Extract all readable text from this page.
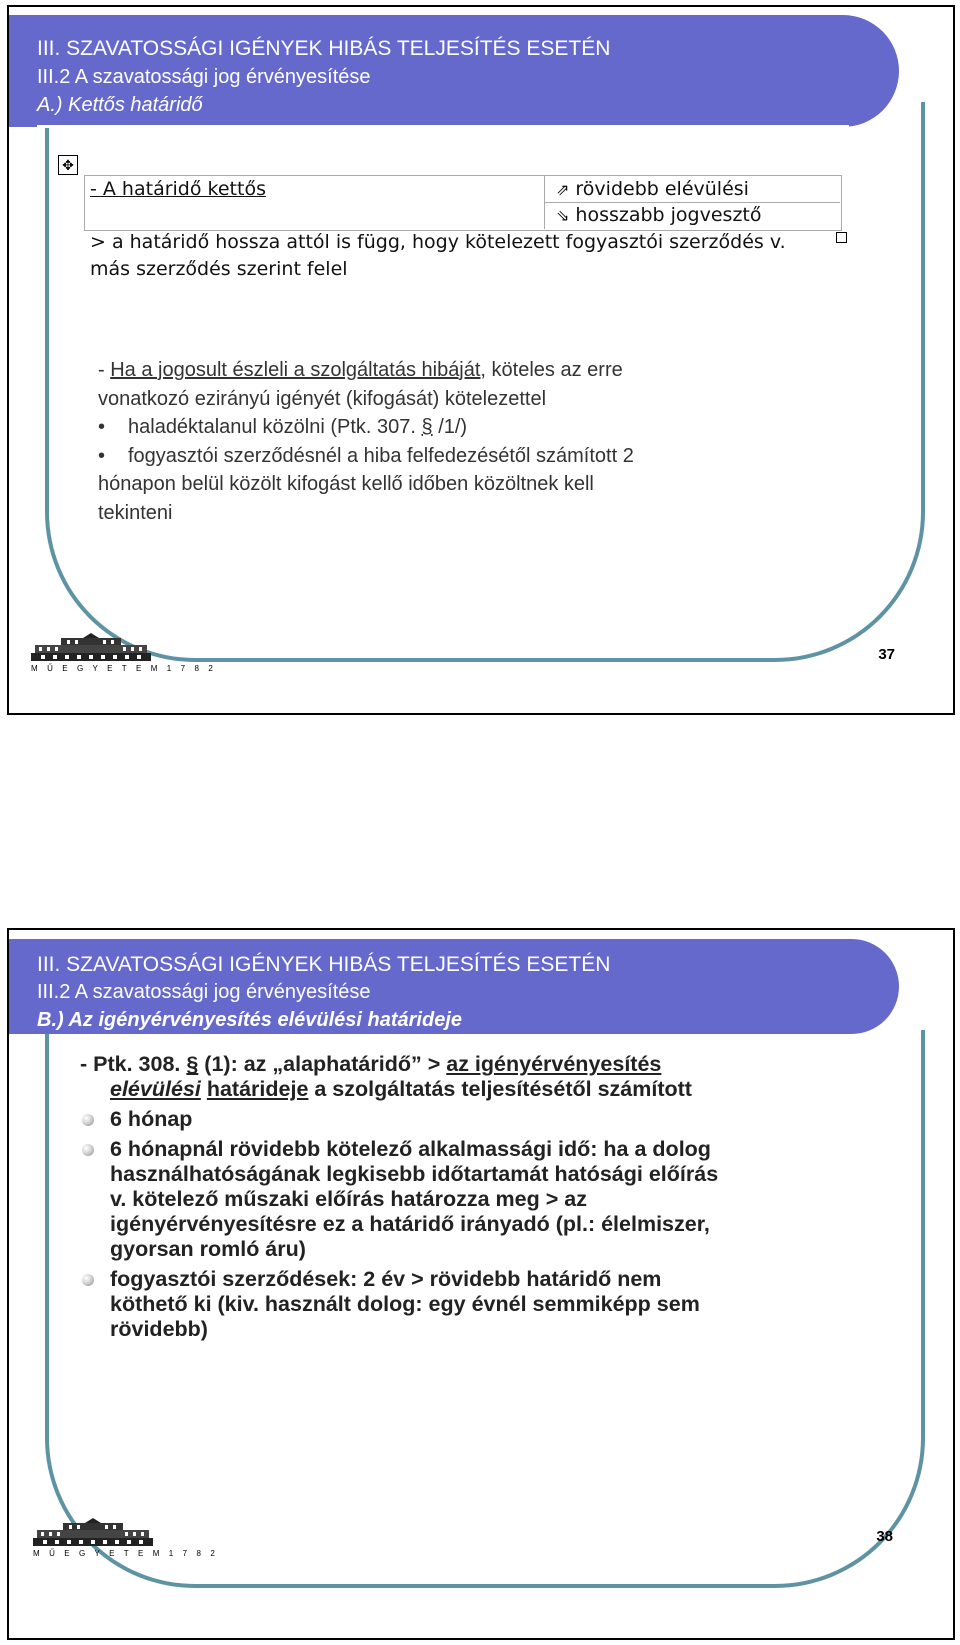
III. SZAVATOSSÁGI IGÉNYEK HIBÁS TELJESÍTÉS ESETÉN
III.2 A szavatossági jog érvényesítése
A.) Kettős határidő
✥
- A határidő kettős	⇗ rövidebb elévülési
⇘ hosszabb jogvesztő
> a határidő hossza attól is függ, hogy kötelezett fogyasztói szerződés v.
más szerződés szerint felel
- Ha a jogosult észleli a szolgáltatás hibáját, köteles az erre
vonatkozó ezirányú igényét (kifogását) kötelezettel
• haladéktalanul közölni (Ptk. 307. § /1/)
• fogyasztói szerződésnél a hiba felfedezésétől számított 2
hónapon belül közölt kifogást kellő időben közöltnek kell
tekinteni
M Ű E G Y E T E M 1 7 8 2
37
III. SZAVATOSSÁGI IGÉNYEK HIBÁS TELJESÍTÉS ESETÉN
III.2 A szavatossági jog érvényesítése
B.) Az igényérvényesítés elévülési határideje
M Ű E G Y E T E M 1 7 8 2
38
- Ptk. 308. § (1): az „alaphatáridő” > az igényérvényesítés
elévülési határideje a szolgáltatás teljesítésétől számított
6 hónap
6 hónapnál rövidebb kötelező alkalmassági idő: ha a dolog
használhatóságának legkisebb időtartamát hatósági előírás
v. kötelező műszaki előírás határozza meg > az
igényérvényesítésre ez a határidő irányadó (pl.: élelmiszer,
gyorsan romló áru)
fogyasztói szerződések: 2 év > rövidebb határidő nem
köthető ki (kiv. használt dolog: egy évnél semmiképp sem
rövidebb)
